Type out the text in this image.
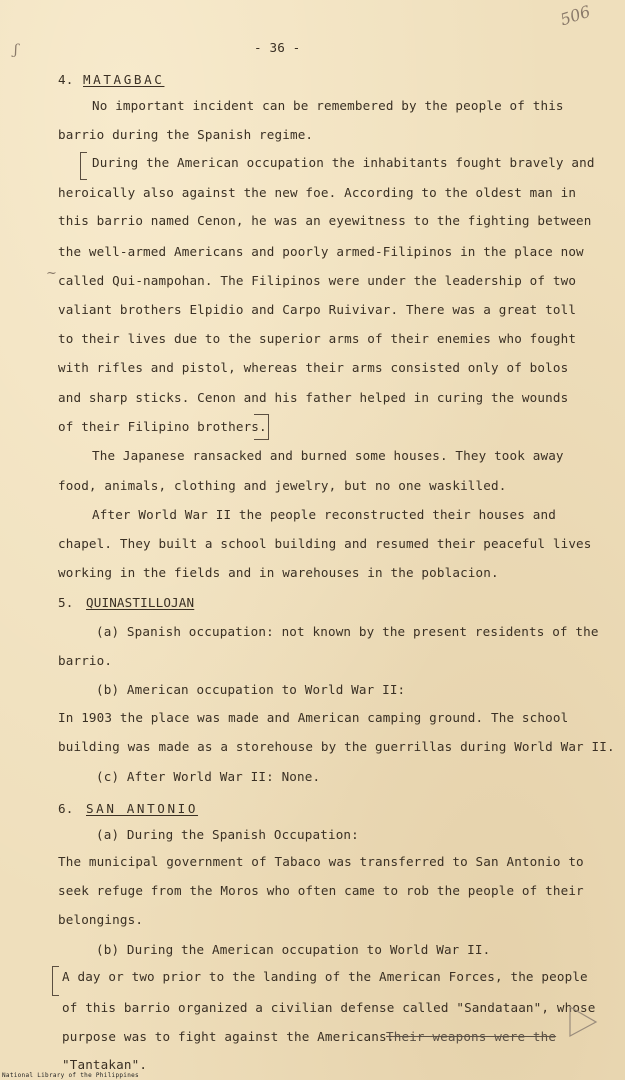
- 36 -
506
ʃ
4. MATAGBAC
No important incident can be remembered by the people of this
barrio during the Spanish regime.
During the American occupation the inhabitants fought bravely and
heroically also against the new foe. According to the oldest man in
this barrio named Cenon, he was an eyewitness to the fighting between
the well-armed Americans and poorly armed-Filipinos in the place now
~ called Qui-nampohan. The Filipinos were under the leadership of two
valiant brothers Elpidio and Carpo Ruivivar. There was a great toll
to their lives due to the superior arms of their enemies who fought
with rifles and pistol, whereas their arms consisted only of bolos
and sharp sticks. Cenon and his father helped in curing the wounds
of their Filipino brothers.
The Japanese ransacked and burned some houses. They took away
food, animals, clothing and jewelry, but no one waskilled.
After World War II the people reconstructed their houses and
chapel. They built a school building and resumed their peaceful lives
working in the fields and in warehouses in the poblacion.
5. QUINASTILLOJAN
(a) Spanish occupation: not known by the present residents of the
barrio.
(b) American occupation to World War II:
In 1903 the place was made and American camping ground. The school
building was made as a storehouse by the guerrillas during World War II.
(c) After World War II: None.
6. SAN ANTONIO
(a) During the Spanish Occupation:
The municipal government of Tabaco was transferred to San Antonio to
seek refuge from the Moros who often came to rob the people of their
belongings.
(b) During the American occupation to World War II.
A day or two prior to the landing of the American Forces, the people
of this barrio organized a civilian defense called "Sandataan", whose
purpose was to fight against the Americans.
Their weapons were the
"Tantakan".
National Library of the Philippines
